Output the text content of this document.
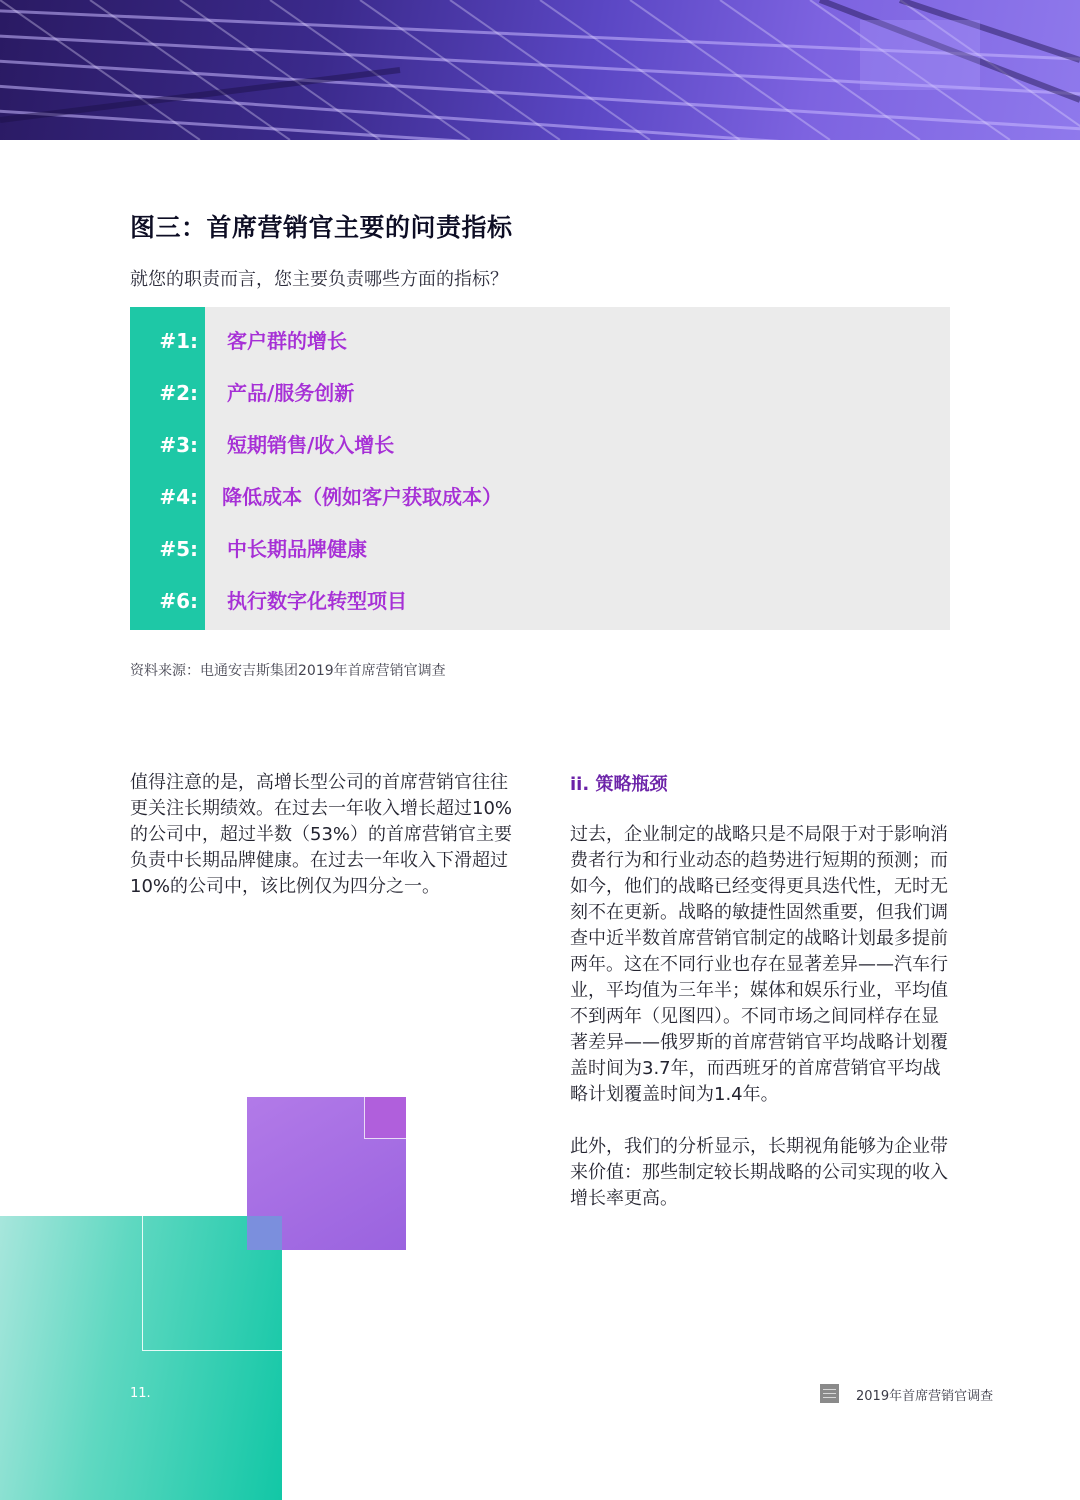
图三：首席营销官主要的问责指标

就您的职责而言，您主要负责哪些方面的指标？

#1: 客户群的增长
#2: 产品/服务创新
#3: 短期销售/收入增长
#4: 降低成本（例如客户获取成本）
#5: 中长期品牌健康
#6: 执行数字化转型项目

资料来源：电通安吉斯集团2019年首席营销官调查

值得注意的是，高增长型公司的首席营销官往往更关注长期绩效。在过去一年收入增长超过10%的公司中，超过半数（53%）的首席营销官主要负责中长期品牌健康。在过去一年收入下滑超过10%的公司中，该比例仅为四分之一。

ii. 策略瓶颈

过去，企业制定的战略只是不局限于对于影响消费者行为和行业动态的趋势进行短期的预测；而如今，他们的战略已经变得更具迭代性，无时无刻不在更新。战略的敏捷性固然重要，但我们调查中近半数首席营销官制定的战略计划最多提前两年。这在不同行业也存在显著差异——汽车行业，平均值为三年半；媒体和娱乐行业，平均值不到两年（见图四）。不同市场之间同样存在显著差异——俄罗斯的首席营销官平均战略计划覆盖时间为3.7年，而西班牙的首席营销官平均战略计划覆盖时间为1.4年。

此外，我们的分析显示，长期视角能够为企业带来价值：那些制定较长期战略的公司实现的收入增长率更高。

11.	2019年首席营销官调查
